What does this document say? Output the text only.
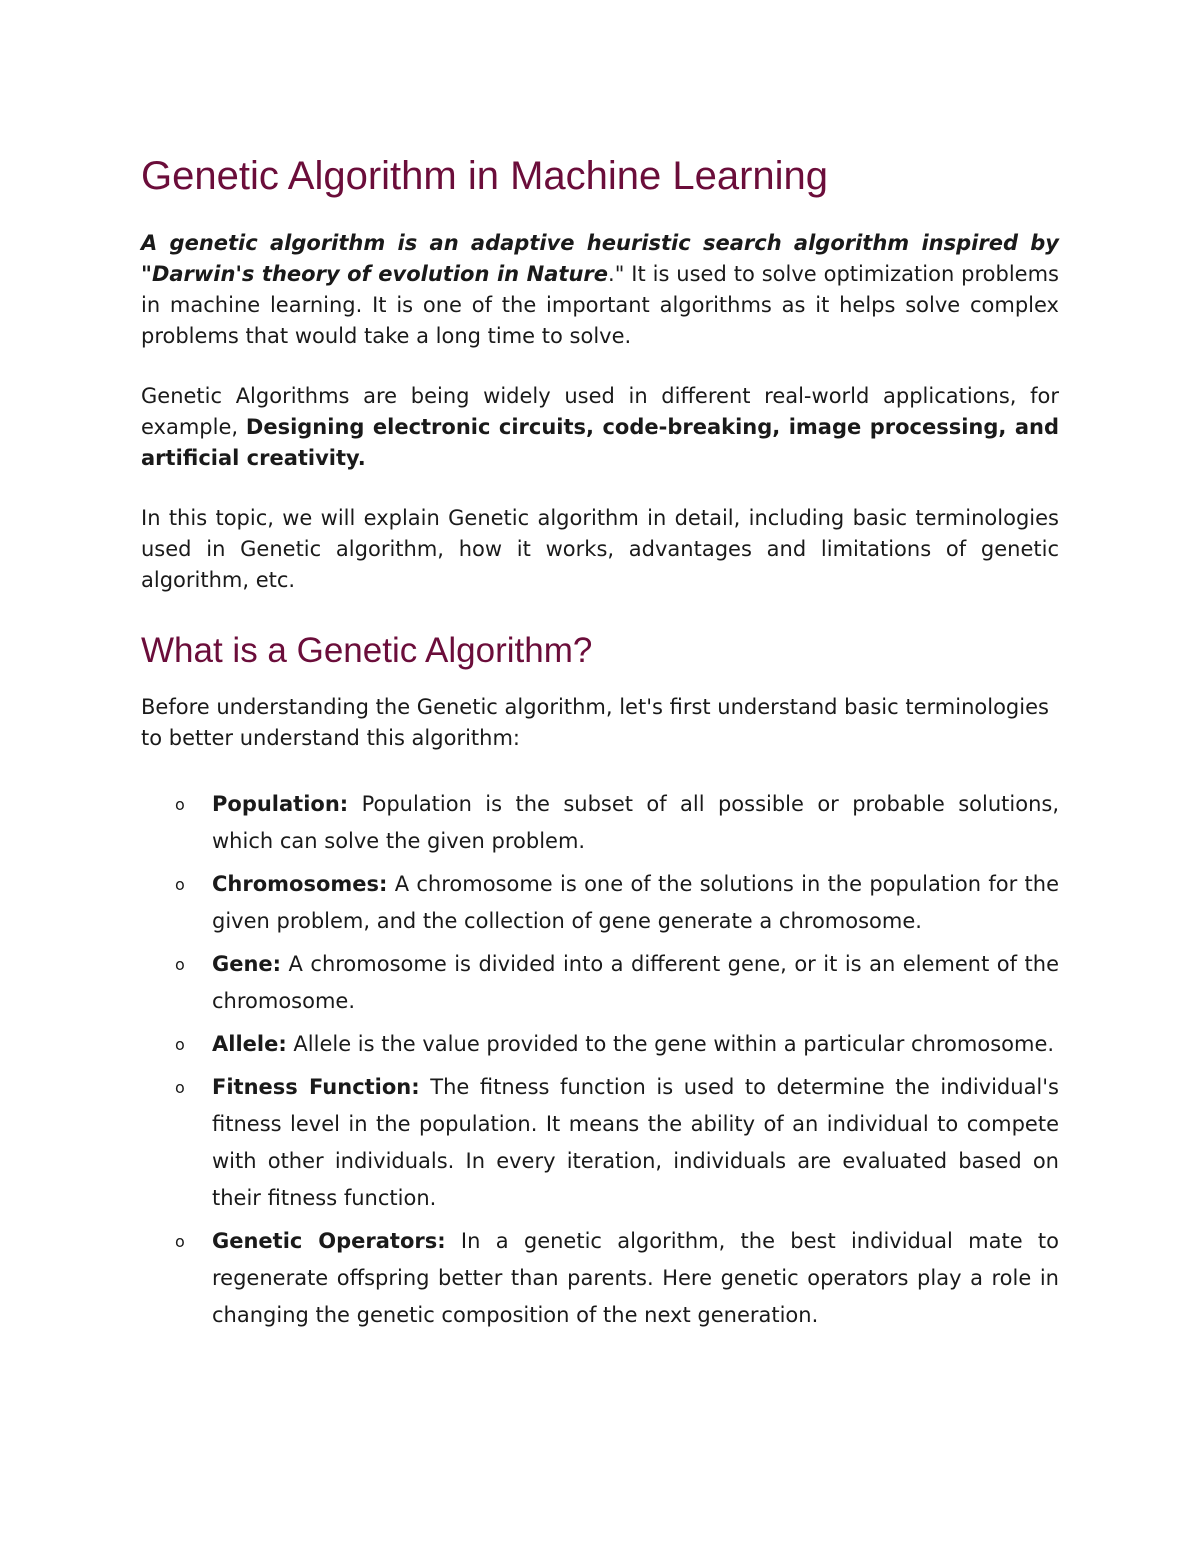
Genetic Algorithm in Machine Learning

A genetic algorithm is an adaptive heuristic search algorithm inspired by "Darwin's theory of evolution in Nature." It is used to solve optimization problems in machine learning. It is one of the important algorithms as it helps solve complex problems that would take a long time to solve.

Genetic Algorithms are being widely used in different real-world applications, for example, Designing electronic circuits, code-breaking, image processing, and artificial creativity.

In this topic, we will explain Genetic algorithm in detail, including basic terminologies used in Genetic algorithm, how it works, advantages and limitations of genetic algorithm, etc.

What is a Genetic Algorithm?

Before understanding the Genetic algorithm, let's first understand basic terminologies to better understand this algorithm:

o Population: Population is the subset of all possible or probable solutions, which can solve the given problem.
o Chromosomes: A chromosome is one of the solutions in the population for the given problem, and the collection of gene generate a chromosome.
o Gene: A chromosome is divided into a different gene, or it is an element of the chromosome.
o Allele: Allele is the value provided to the gene within a particular chromosome.
o Fitness Function: The fitness function is used to determine the individual's fitness level in the population. It means the ability of an individual to compete with other individuals. In every iteration, individuals are evaluated based on their fitness function.
o Genetic Operators: In a genetic algorithm, the best individual mate to regenerate offspring better than parents. Here genetic operators play a role in changing the genetic composition of the next generation.
